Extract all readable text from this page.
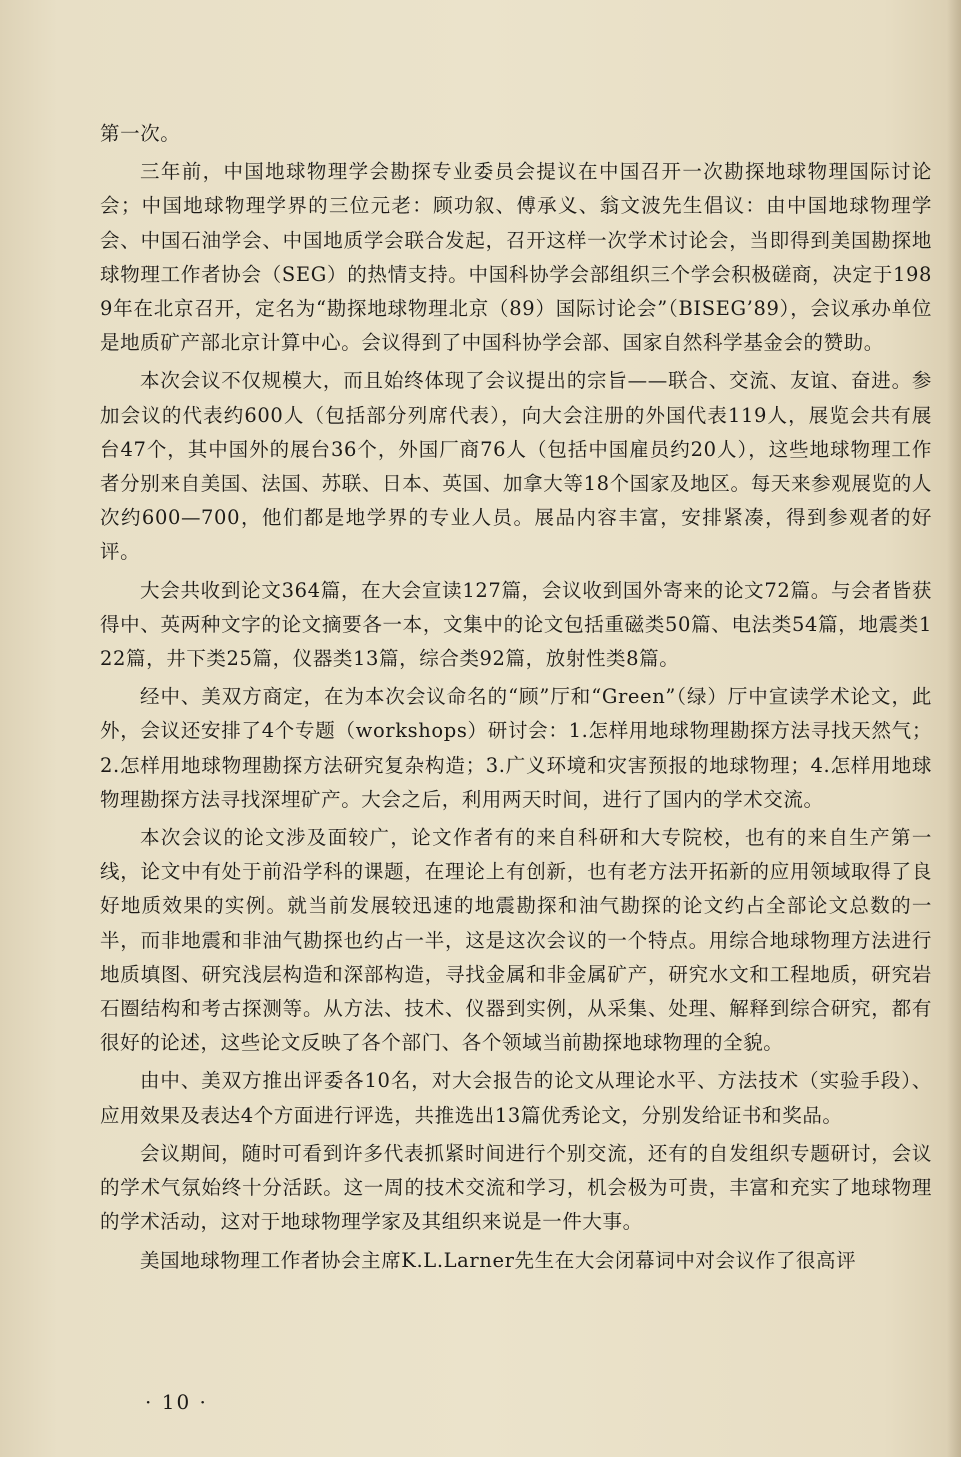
第一次。

三年前，中国地球物理学会勘探专业委员会提议在中国召开一次勘探地球物理国际讨论会；中国地球物理学界的三位元老：顾功叙、傅承义、翁文波先生倡议：由中国地球物理学会、中国石油学会、中国地质学会联合发起，召开这样一次学术讨论会，当即得到美国勘探地球物理工作者协会（SEG）的热情支持。中国科协学会部组织三个学会积极磋商，决定于1989年在北京召开，定名为“勘探地球物理北京（89）国际讨论会”（BISEG’89），会议承办单位是地质矿产部北京计算中心。会议得到了中国科协学会部、国家自然科学基金会的赞助。

本次会议不仅规模大，而且始终体现了会议提出的宗旨——联合、交流、友谊、奋进。参加会议的代表约600人（包括部分列席代表），向大会注册的外国代表119人，展览会共有展台47个，其中国外的展台36个，外国厂商76人（包括中国雇员约20人），这些地球物理工作者分别来自美国、法国、苏联、日本、英国、加拿大等18个国家及地区。每天来参观展览的人次约600—700，他们都是地学界的专业人员。展品内容丰富，安排紧凑，得到参观者的好评。

大会共收到论文364篇，在大会宣读127篇，会议收到国外寄来的论文72篇。与会者皆获得中、英两种文字的论文摘要各一本，文集中的论文包括重磁类50篇、电法类54篇，地震类122篇，井下类25篇，仪器类13篇，综合类92篇，放射性类8篇。

经中、美双方商定，在为本次会议命名的“顾”厅和“Green”（绿）厅中宣读学术论文，此外，会议还安排了4个专题（workshops）研讨会：1.怎样用地球物理勘探方法寻找天然气；2.怎样用地球物理勘探方法研究复杂构造；3.广义环境和灾害预报的地球物理；4.怎样用地球物理勘探方法寻找深埋矿产。大会之后，利用两天时间，进行了国内的学术交流。

本次会议的论文涉及面较广，论文作者有的来自科研和大专院校，也有的来自生产第一线，论文中有处于前沿学科的课题，在理论上有创新，也有老方法开拓新的应用领域取得了良好地质效果的实例。就当前发展较迅速的地震勘探和油气勘探的论文约占全部论文总数的一半，而非地震和非油气勘探也约占一半，这是这次会议的一个特点。用综合地球物理方法进行地质填图、研究浅层构造和深部构造，寻找金属和非金属矿产，研究水文和工程地质，研究岩石圈结构和考古探测等。从方法、技术、仪器到实例，从采集、处理、解释到综合研究，都有很好的论述，这些论文反映了各个部门、各个领域当前勘探地球物理的全貌。

由中、美双方推出评委各10名，对大会报告的论文从理论水平、方法技术（实验手段）、应用效果及表达4个方面进行评选，共推选出13篇优秀论文，分别发给证书和奖品。

会议期间，随时可看到许多代表抓紧时间进行个别交流，还有的自发组织专题研讨，会议的学术气氛始终十分活跃。这一周的技术交流和学习，机会极为可贵，丰富和充实了地球物理的学术活动，这对于地球物理学家及其组织来说是一件大事。

美国地球物理工作者协会主席K.L.Larner先生在大会闭幕词中对会议作了很高评

· 10 ·
